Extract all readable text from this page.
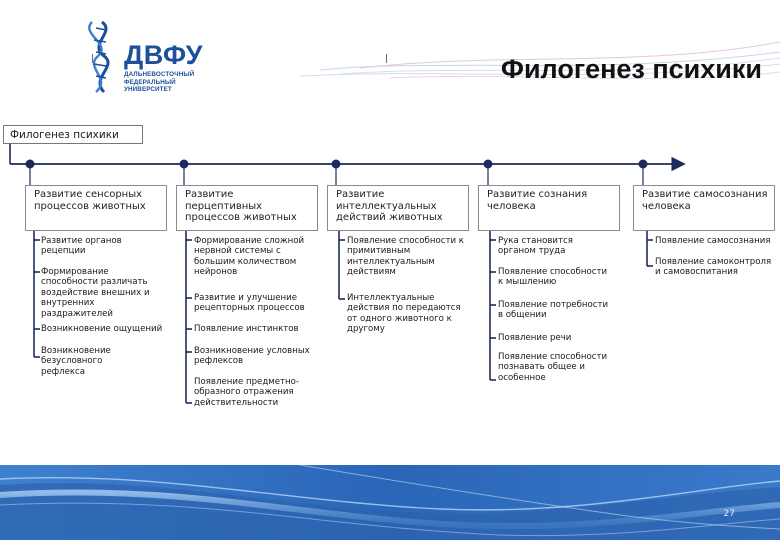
ДВФУ
ДАЛЬНЕВОСТОЧНЫЙ
ФЕДЕРАЛЬНЫЙ
УНИВЕРСИТЕТ
Филогенез психики
Филогенез психики
Развитие сенсорных процессов животных
Развитие перцептивных процессов животных
Развитие интеллектуальных действий животных
Развитие сознания человека
Развитие самосознания человека
Развитие органов рецепции
Формирование способности различать воздействие внешних и внутренних раздражителей
Возникновение ощущений
Возникновение безусловного рефлекса
Формирование сложной нервной системы с большим количеством нейронов
Развитие и улучшение рецепторных процессов
Появление инстинктов
Возникновение условных рефлексов
Появление предметно-образного отражения действительности
Появление способности к примитивным интеллектуальным действиям
Интеллектуальные действия по передаются от одного животного к другому
Рука становится органом труда
Появление способности к мышлению
Появление потребности в общении
Появление речи
Появление способности познавать общее и особенное
Появление самосознания
Появление самоконтроля и самовоспитания
27
